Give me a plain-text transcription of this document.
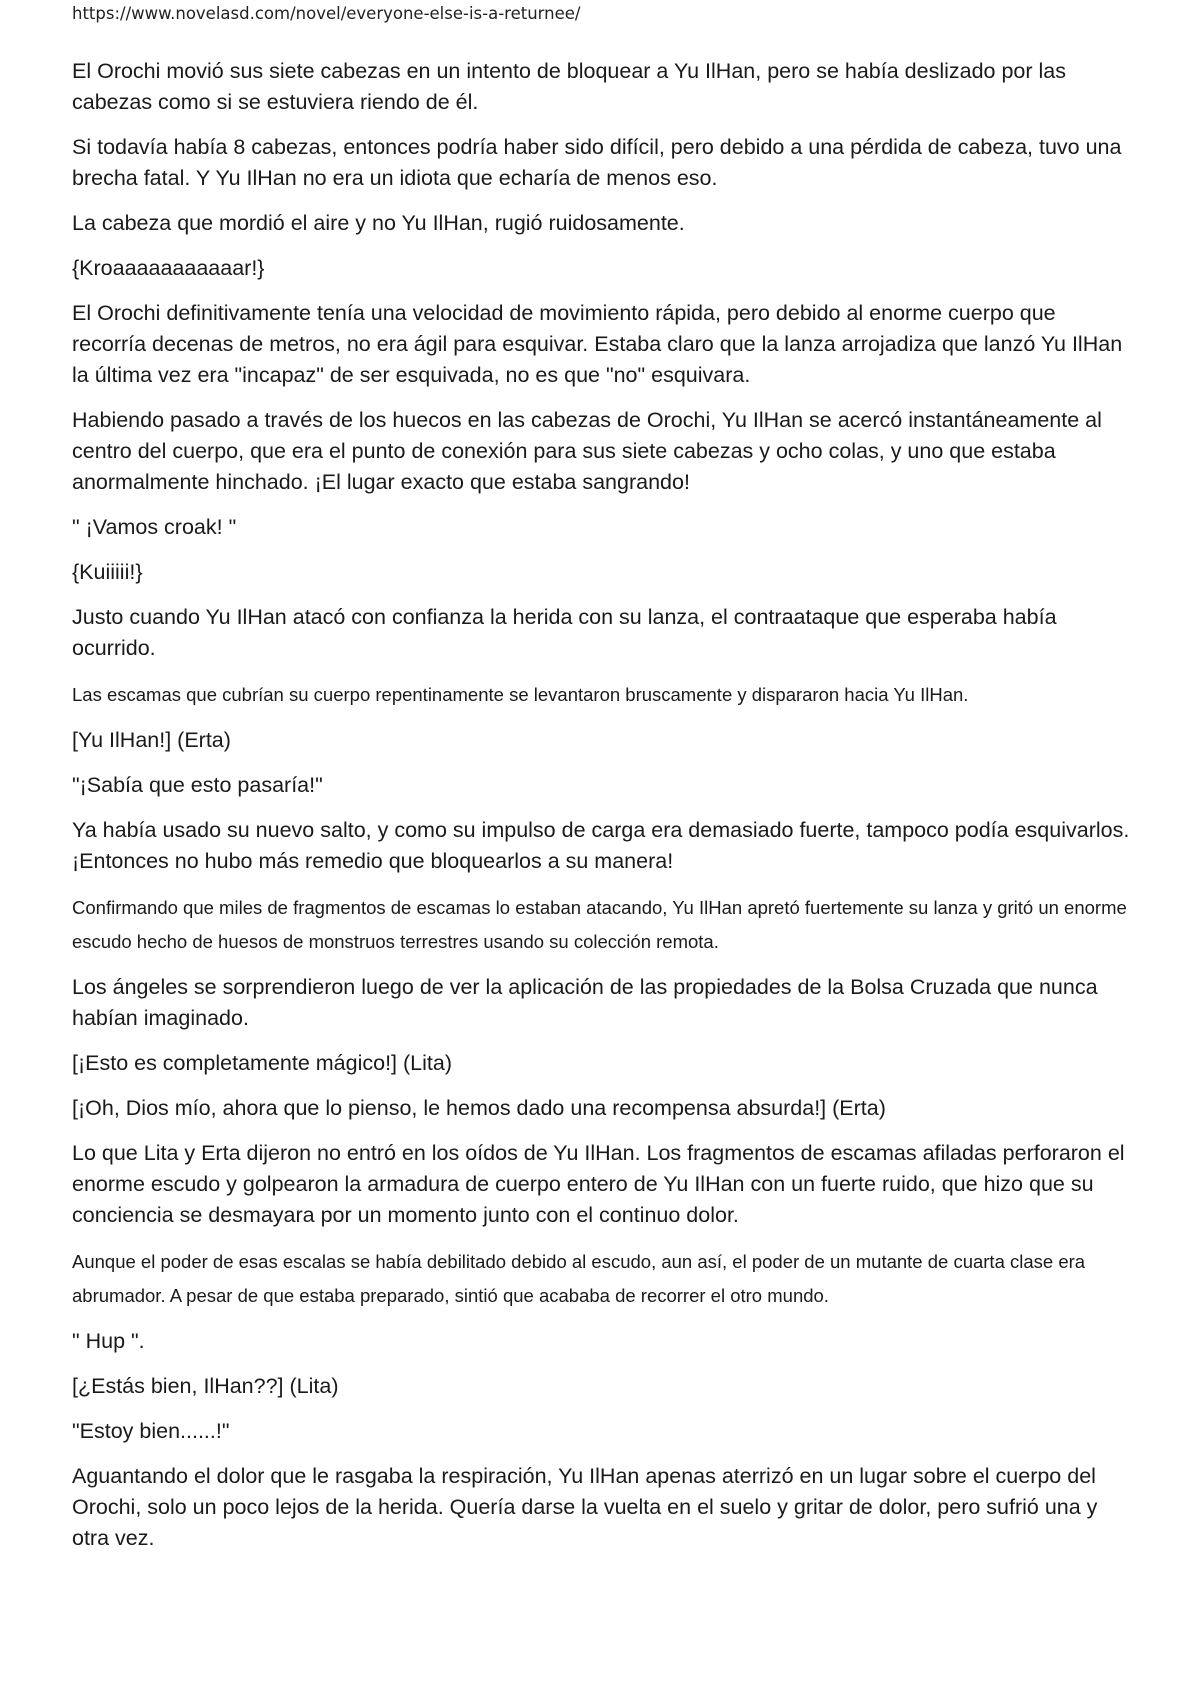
https://www.novelasd.com/novel/everyone-else-is-a-returnee/

El Orochi movió sus siete cabezas en un intento de bloquear a Yu IlHan, pero se había deslizado por las cabezas como si se estuviera riendo de él.

Si todavía había 8 cabezas, entonces podría haber sido difícil, pero debido a una pérdida de cabeza, tuvo una brecha fatal. Y Yu IlHan no era un idiota que echaría de menos eso.

La cabeza que mordió el aire y no Yu IlHan, rugió ruidosamente.

{Kroaaaaaaaaaaar!}

El Orochi definitivamente tenía una velocidad de movimiento rápida, pero debido al enorme cuerpo que recorría decenas de metros, no era ágil para esquivar. Estaba claro que la lanza arrojadiza que lanzó Yu IlHan la última vez era "incapaz" de ser esquivada, no es que "no" esquivara.

Habiendo pasado a través de los huecos en las cabezas de Orochi, Yu IlHan se acercó instantáneamente al centro del cuerpo, que era el punto de conexión para sus siete cabezas y ocho colas, y uno que estaba anormalmente hinchado. ¡El lugar exacto que estaba sangrando!

" ¡Vamos croak! "

{Kuiiiii!}

Justo cuando Yu IlHan atacó con confianza la herida con su lanza, el contraataque que esperaba había ocurrido.

Las escamas que cubrían su cuerpo repentinamente se levantaron bruscamente y dispararon hacia Yu IlHan.

[Yu IlHan!] (Erta)

"¡Sabía que esto pasaría!"

Ya había usado su nuevo salto, y como su impulso de carga era demasiado fuerte, tampoco podía esquivarlos. ¡Entonces no hubo más remedio que bloquearlos a su manera!

Confirmando que miles de fragmentos de escamas lo estaban atacando, Yu IlHan apretó fuertemente su lanza y gritó un enorme escudo hecho de huesos de monstruos terrestres usando su colección remota.

Los ángeles se sorprendieron luego de ver la aplicación de las propiedades de la Bolsa Cruzada que nunca habían imaginado.

[¡Esto es completamente mágico!] (Lita)

[¡Oh, Dios mío, ahora que lo pienso, le hemos dado una recompensa absurda!] (Erta)

Lo que Lita y Erta dijeron no entró en los oídos de Yu IlHan. Los fragmentos de escamas afiladas perforaron el enorme escudo y golpearon la armadura de cuerpo entero de Yu IlHan con un fuerte ruido, que hizo que su conciencia se desmayara por un momento junto con el continuo dolor.

Aunque el poder de esas escalas se había debilitado debido al escudo, aun así, el poder de un mutante de cuarta clase era abrumador. A pesar de que estaba preparado, sintió que acababa de recorrer el otro mundo.

" Hup ".

[¿Estás bien, IlHan??] (Lita)

"Estoy bien......!"

Aguantando el dolor que le rasgaba la respiración, Yu IlHan apenas aterrizó en un lugar sobre el cuerpo del Orochi, solo un poco lejos de la herida. Quería darse la vuelta en el suelo y gritar de dolor, pero sufrió una y otra vez.
